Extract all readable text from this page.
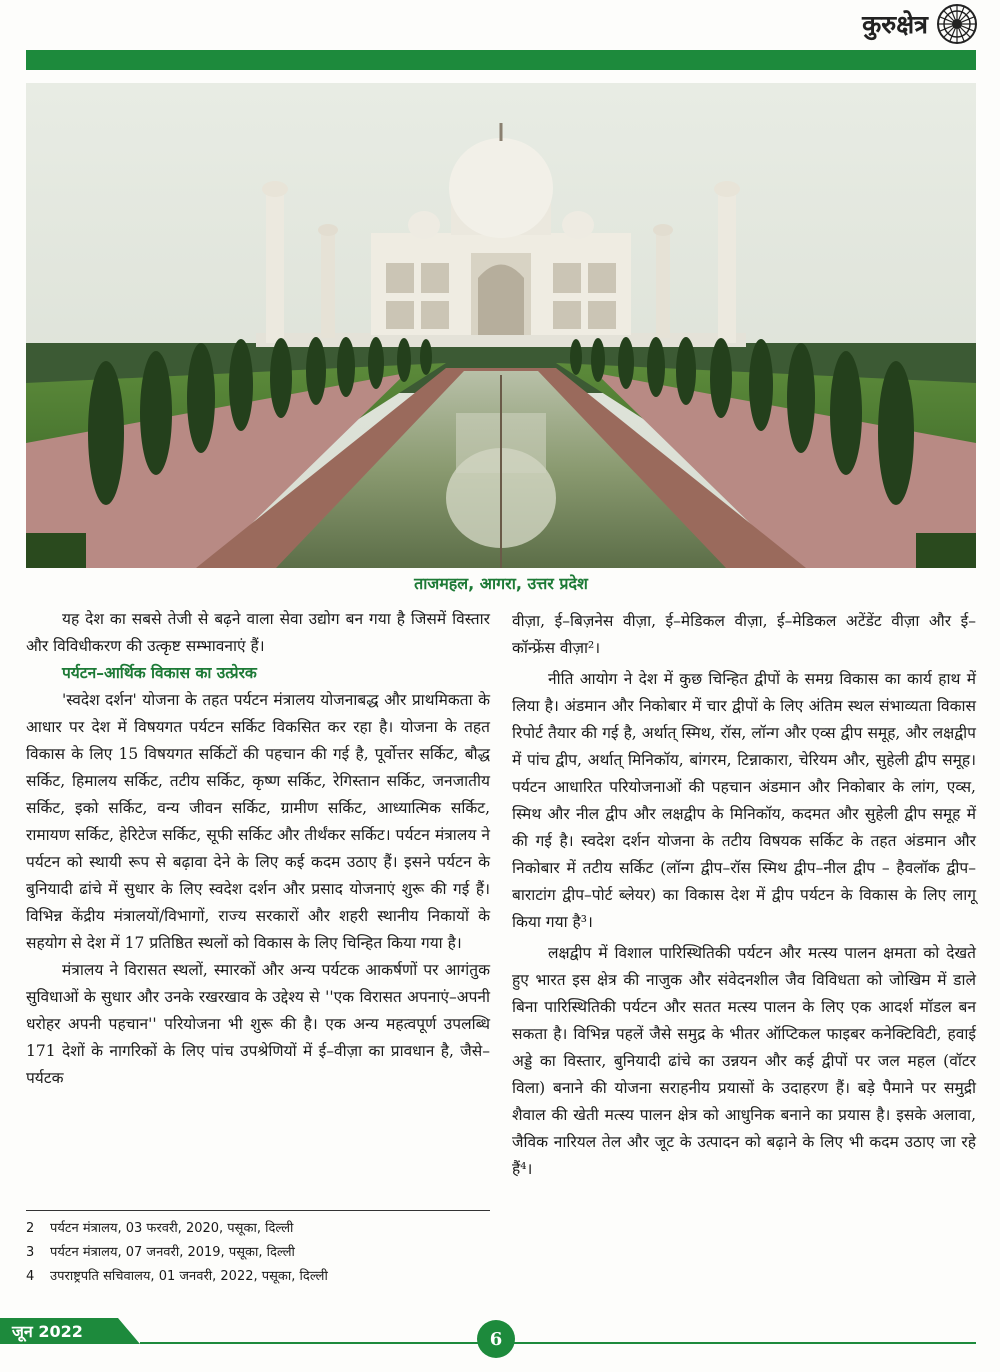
कुरुक्षेत्र
ताजमहल, आगरा, उत्तर प्रदेश

यह देश का सबसे तेजी से बढ़ने वाला सेवा उद्योग बन गया है जिसमें विस्तार और विविधीकरण की उत्कृष्ट सम्भावनाएं हैं।

पर्यटन–आर्थिक विकास का उत्प्रेरक

'स्वदेश दर्शन' योजना के तहत पर्यटन मंत्रालय योजनाबद्ध और प्राथमिकता के आधार पर देश में विषयगत पर्यटन सर्किट विकसित कर रहा है। योजना के तहत विकास के लिए 15 विषयगत सर्किटों की पहचान की गई है, पूर्वोत्तर सर्किट, बौद्ध सर्किट, हिमालय सर्किट, तटीय सर्किट, कृष्ण सर्किट, रेगिस्तान सर्किट, जनजातीय सर्किट, इको सर्किट, वन्य जीवन सर्किट, ग्रामीण सर्किट, आध्यात्मिक सर्किट, रामायण सर्किट, हेरिटेज सर्किट, सूफी सर्किट और तीर्थंकर सर्किट। पर्यटन मंत्रालय ने पर्यटन को स्थायी रूप से बढ़ावा देने के लिए कई कदम उठाए हैं। इसने पर्यटन के बुनियादी ढांचे में सुधार के लिए स्वदेश दर्शन और प्रसाद योजनाएं शुरू की गई हैं। विभिन्न केंद्रीय मंत्रालयों/विभागों, राज्य सरकारों और शहरी स्थानीय निकायों के सहयोग से देश में 17 प्रतिष्ठित स्थलों को विकास के लिए चिन्हित किया गया है।

मंत्रालय ने विरासत स्थलों, स्मारकों और अन्य पर्यटक आकर्षणों पर आगंतुक सुविधाओं के सुधार और उनके रखरखाव के उद्देश्य से ''एक विरासत अपनाएं–अपनी धरोहर अपनी पहचान'' परियोजना भी शुरू की है। एक अन्य महत्वपूर्ण उपलब्धि 171 देशों के नागरिकों के लिए पांच उपश्रेणियों में ई–वीज़ा का प्रावधान है, जैसे–पर्यटक

2	पर्यटन मंत्रालय, 03 फरवरी, 2020, पसूका, दिल्ली
3	पर्यटन मंत्रालय, 07 जनवरी, 2019, पसूका, दिल्ली
4	उपराष्ट्रपति सचिवालय, 01 जनवरी, 2022, पसूका, दिल्ली

वीज़ा, ई–बिज़नेस वीज़ा, ई–मेडिकल वीज़ा, ई–मेडिकल अटेंडेंट वीज़ा और ई–कॉन्फ्रेंस वीज़ा²।

नीति आयोग ने देश में कुछ चिन्हित द्वीपों के समग्र विकास का कार्य हाथ में लिया है। अंडमान और निकोबार में चार द्वीपों के लिए अंतिम स्थल संभाव्यता विकास रिपोर्ट तैयार की गई है, अर्थात् स्मिथ, रॉस, लॉन्ग और एव्स द्वीप समूह, और लक्षद्वीप में पांच द्वीप, अर्थात् मिनिकॉय, बांगरम, टिन्नाकारा, चेरियम और, सुहेली द्वीप समूह। पर्यटन आधारित परियोजनाओं की पहचान अंडमान और निकोबार के लांग, एव्स, स्मिथ और नील द्वीप और लक्षद्वीप के मिनिकॉय, कदमत और सुहेली द्वीप समूह में की गई है। स्वदेश दर्शन योजना के तटीय विषयक सर्किट के तहत अंडमान और निकोबार में तटीय सर्किट (लॉन्ग द्वीप–रॉस स्मिथ द्वीप–नील द्वीप – हैवलॉक द्वीप–बाराटांग द्वीप–पोर्ट ब्लेयर) का विकास देश में द्वीप पर्यटन के विकास के लिए लागू किया गया है³।

लक्षद्वीप में विशाल पारिस्थितिकी पर्यटन और मत्स्य पालन क्षमता को देखते हुए भारत इस क्षेत्र की नाजुक और संवेदनशील जैव विविधता को जोखिम में डाले बिना पारिस्थितिकी पर्यटन और सतत मत्स्य पालन के लिए एक आदर्श मॉडल बन सकता है। विभिन्न पहलें जैसे समुद्र के भीतर ऑप्टिकल फाइबर कनेक्टिविटी, हवाई अड्डे का विस्तार, बुनियादी ढांचे का उन्नयन और कई द्वीपों पर जल महल (वॉटर विला) बनाने की योजना सराहनीय प्रयासों के उदाहरण हैं। बड़े पैमाने पर समुद्री शैवाल की खेती मत्स्य पालन क्षेत्र को आधुनिक बनाने का प्रयास है। इसके अलावा, जैविक नारियल तेल और जूट के उत्पादन को बढ़ाने के लिए भी कदम उठाए जा रहे हैं⁴।

जून 2022	6
